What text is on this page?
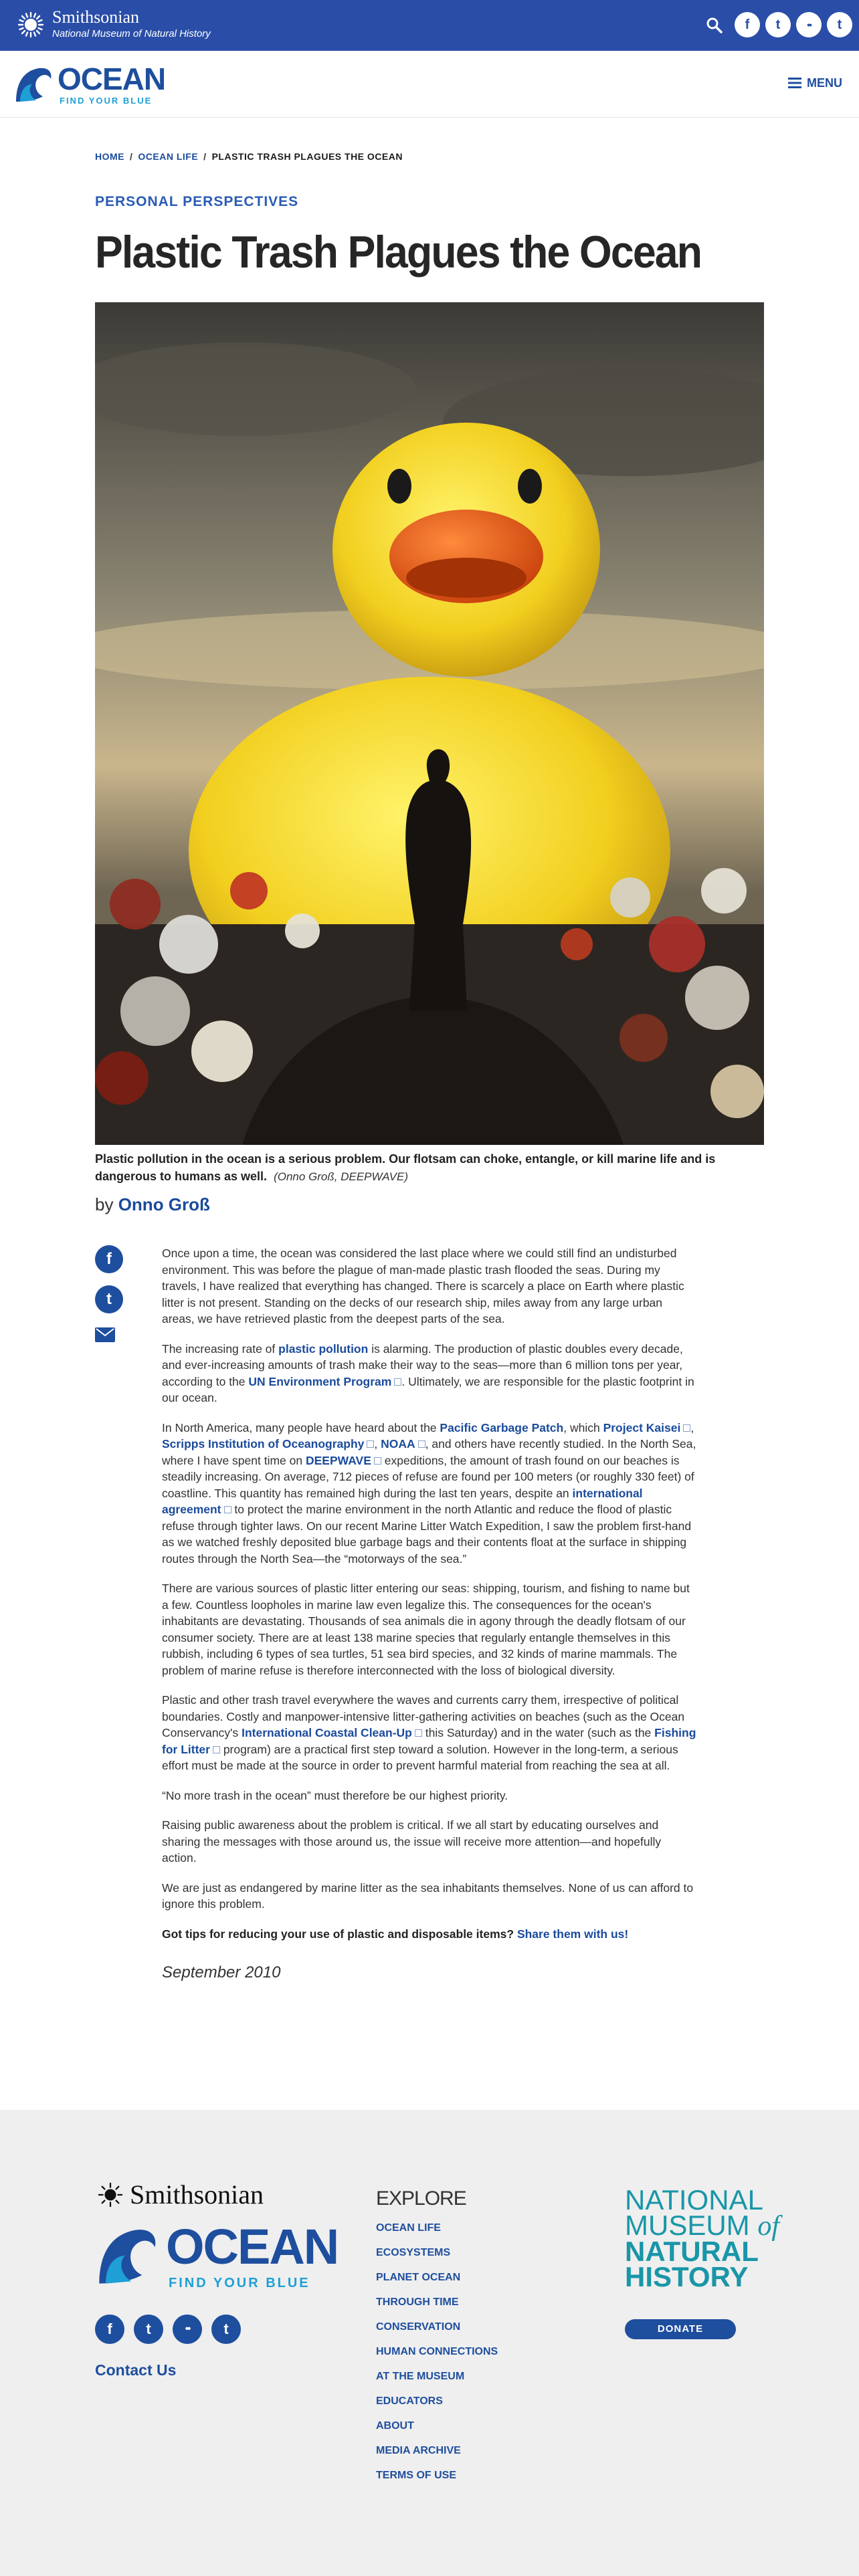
Smithsonian
National Museum of Natural History
f	t	••	t
OCEAN
FIND YOUR BLUE
MENU
HOME / OCEAN LIFE / PLASTIC TRASH PLAGUES THE OCEAN
PERSONAL PERSPECTIVES
Plastic Trash Plagues the Ocean

Plastic pollution in the ocean is a serious problem. Our flotsam can choke, entangle, or kill marine life and is dangerous to humans as well. (Onno Groß, DEEPWAVE)

by Onno Groß
f
t

Once upon a time, the ocean was considered the last place where we could still find an undisturbed environment. This was before the plague of man-made plastic trash flooded the seas. During my travels, I have realized that everything has changed. There is scarcely a place on Earth where plastic litter is not present. Standing on the decks of our research ship, miles away from any large urban areas, we have retrieved plastic from the deepest parts of the sea.

The increasing rate of plastic pollution is alarming. The production of plastic doubles every decade, and ever-increasing amounts of trash make their way to the seas—more than 6 million tons per year, according to the UN Environment Program . Ultimately, we are responsible for the plastic footprint in our ocean.

In North America, many people have heard about the Pacific Garbage Patch, which Project Kaisei , Scripps Institution of Oceanography , NOAA , and others have recently studied. In the North Sea, where I have spent time on DEEPWAVE expeditions, the amount of trash found on our beaches is steadily increasing. On average, 712 pieces of refuse are found per 100 meters (or roughly 330 feet) of coastline. This quantity has remained high during the last ten years, despite an international agreement to protect the marine environment in the north Atlantic and reduce the flood of plastic refuse through tighter laws. On our recent Marine Litter Watch Expedition, I saw the problem first-hand as we watched freshly deposited blue garbage bags and their contents float at the surface in shipping routes through the North Sea—the “motorways of the sea.”

There are various sources of plastic litter entering our seas: shipping, tourism, and fishing to name but a few. Countless loopholes in marine law even legalize this. The consequences for the ocean's inhabitants are devastating. Thousands of sea animals die in agony through the deadly flotsam of our consumer society. There are at least 138 marine species that regularly entangle themselves in this rubbish, including 6 types of sea turtles, 51 sea bird species, and 32 kinds of marine mammals. The problem of marine refuse is therefore interconnected with the loss of biological diversity.

Plastic and other trash travel everywhere the waves and currents carry them, irrespective of political boundaries. Costly and manpower-intensive litter-gathering activities on beaches (such as the Ocean Conservancy's International Coastal Clean-Up this Saturday) and in the water (such as the Fishing for Litter program) are a practical first step toward a solution. However in the long-term, a serious effort must be made at the source in order to prevent harmful material from reaching the sea at all.

“No more trash in the ocean” must therefore be our highest priority.

Raising public awareness about the problem is critical. If we all start by educating ourselves and sharing the messages with those around us, the issue will receive more attention—and hopefully action.

We are just as endangered by marine litter as the sea inhabitants themselves. None of us can afford to ignore this problem.

Got tips for reducing your use of plastic and disposable items? Share them with us!

September 2010

Smithsonian
OCEAN
FIND YOUR BLUE
f	t	••	t
Contact Us
EXPLORE
OCEAN LIFE
ECOSYSTEMS
PLANET OCEAN
THROUGH TIME
CONSERVATION
HUMAN CONNECTIONS
AT THE MUSEUM
EDUCATORS
ABOUT
MEDIA ARCHIVE
TERMS OF USE
NATIONAL
MUSEUM of
NATURAL
HISTORY
DONATE
